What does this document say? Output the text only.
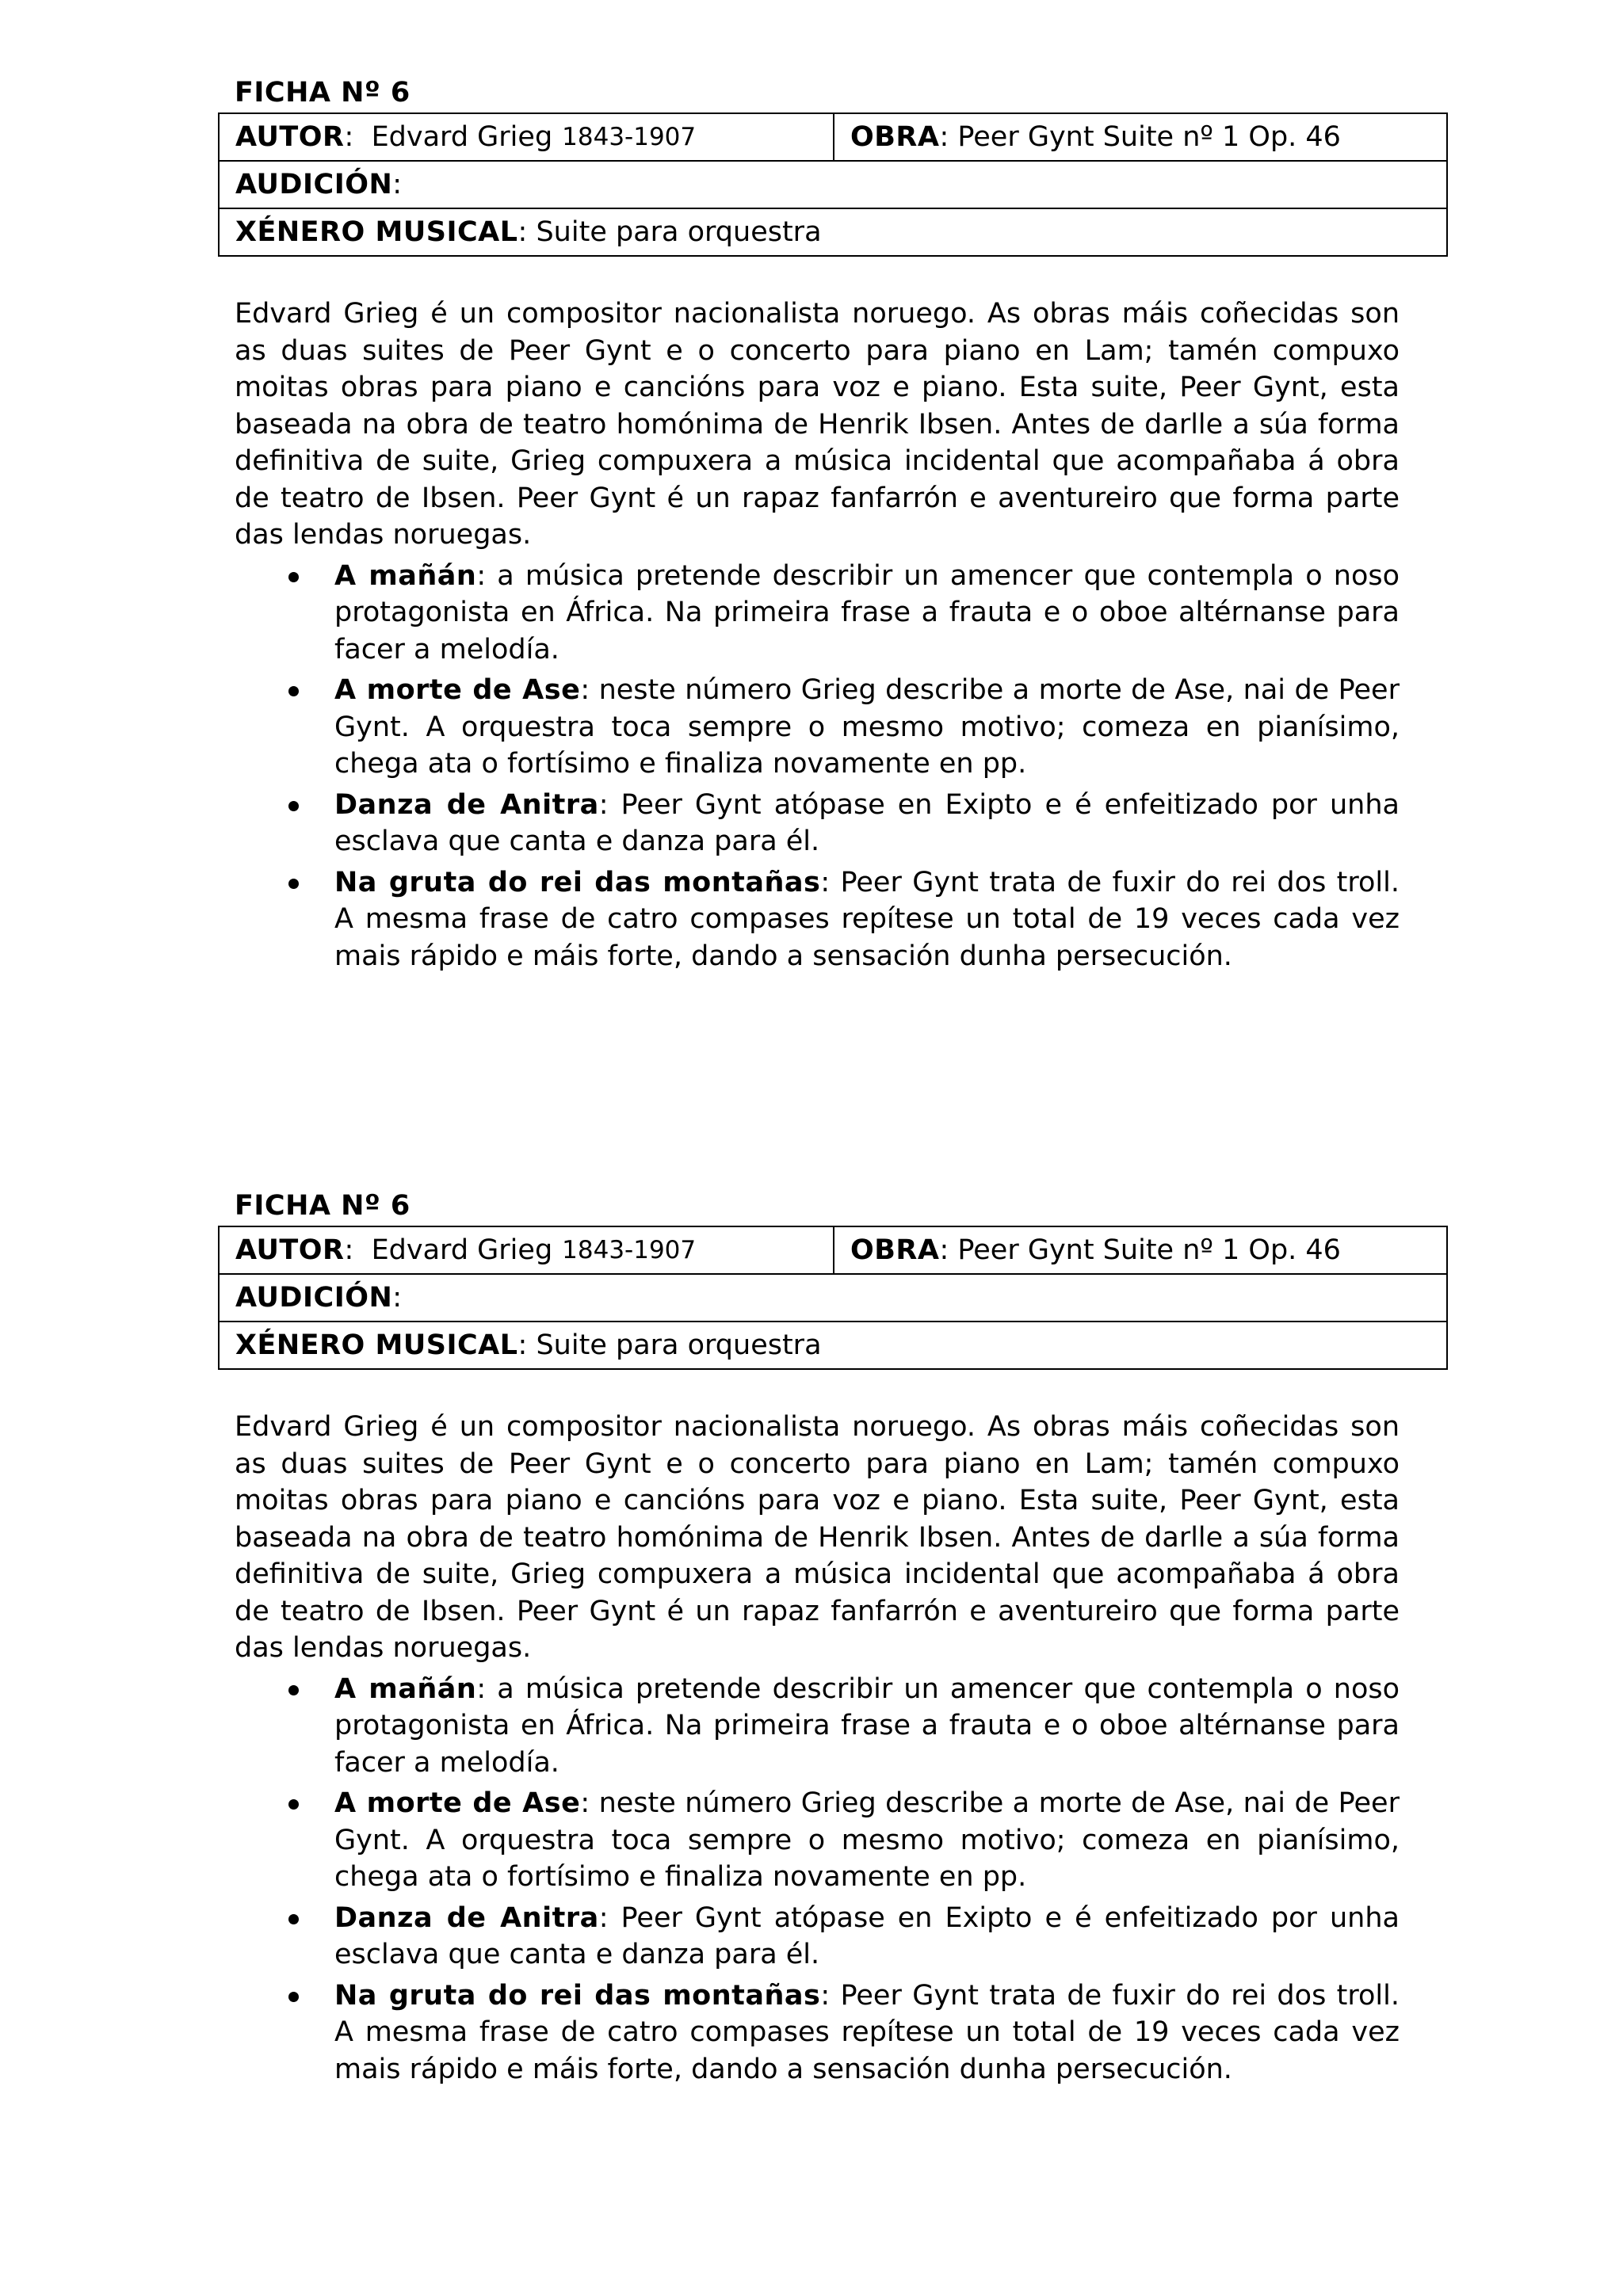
FICHA Nº 6
AUTOR : Edvard Grieg 1843-1907	OBRA : Peer Gynt Suite nº 1 Op. 46
AUDICIÓN :
XÉNERO MUSICAL : Suite para orquestra

Edvard Grieg é un compositor nacionalista noruego. As obras máis coñecidas son as duas suites de Peer Gynt e o concerto para piano en Lam; tamén compuxo moitas obras para piano e cancións para voz e piano. Esta suite, Peer Gynt, esta baseada na obra de teatro homónima de Henrik Ibsen. Antes de darlle a súa forma definitiva de suite, Grieg compuxera a música incidental que acompañaba á obra de teatro de Ibsen. Peer Gynt é un rapaz fanfarrón e aventureiro que forma parte das lendas noruegas.

A mañán: a música pretende describir un amencer que contempla o noso protagonista en África. Na primeira frase a frauta e o oboe altérnanse para facer a melodía.
A morte de Ase: neste número Grieg describe a morte de Ase, nai de Peer Gynt. A orquestra toca sempre o mesmo motivo; comeza en pianísimo, chega ata o fortísimo e finaliza novamente en pp.
Danza de Anitra: Peer Gynt atópase en Exipto e é enfeitizado por unha esclava que canta e danza para él.
Na gruta do rei das montañas: Peer Gynt trata de fuxir do rei dos troll. A mesma frase de catro compases repítese un total de 19 veces cada vez mais rápido e máis forte, dando a sensación dunha persecución.
FICHA Nº 6
AUTOR : Edvard Grieg 1843-1907	OBRA : Peer Gynt Suite nº 1 Op. 46
AUDICIÓN :
XÉNERO MUSICAL : Suite para orquestra

Edvard Grieg é un compositor nacionalista noruego. As obras máis coñecidas son as duas suites de Peer Gynt e o concerto para piano en Lam; tamén compuxo moitas obras para piano e cancións para voz e piano. Esta suite, Peer Gynt, esta baseada na obra de teatro homónima de Henrik Ibsen. Antes de darlle a súa forma definitiva de suite, Grieg compuxera a música incidental que acompañaba á obra de teatro de Ibsen. Peer Gynt é un rapaz fanfarrón e aventureiro que forma parte das lendas noruegas.

A mañán: a música pretende describir un amencer que contempla o noso protagonista en África. Na primeira frase a frauta e o oboe altérnanse para facer a melodía.
A morte de Ase: neste número Grieg describe a morte de Ase, nai de Peer Gynt. A orquestra toca sempre o mesmo motivo; comeza en pianísimo, chega ata o fortísimo e finaliza novamente en pp.
Danza de Anitra: Peer Gynt atópase en Exipto e é enfeitizado por unha esclava que canta e danza para él.
Na gruta do rei das montañas: Peer Gynt trata de fuxir do rei dos troll. A mesma frase de catro compases repítese un total de 19 veces cada vez mais rápido e máis forte, dando a sensación dunha persecución.
